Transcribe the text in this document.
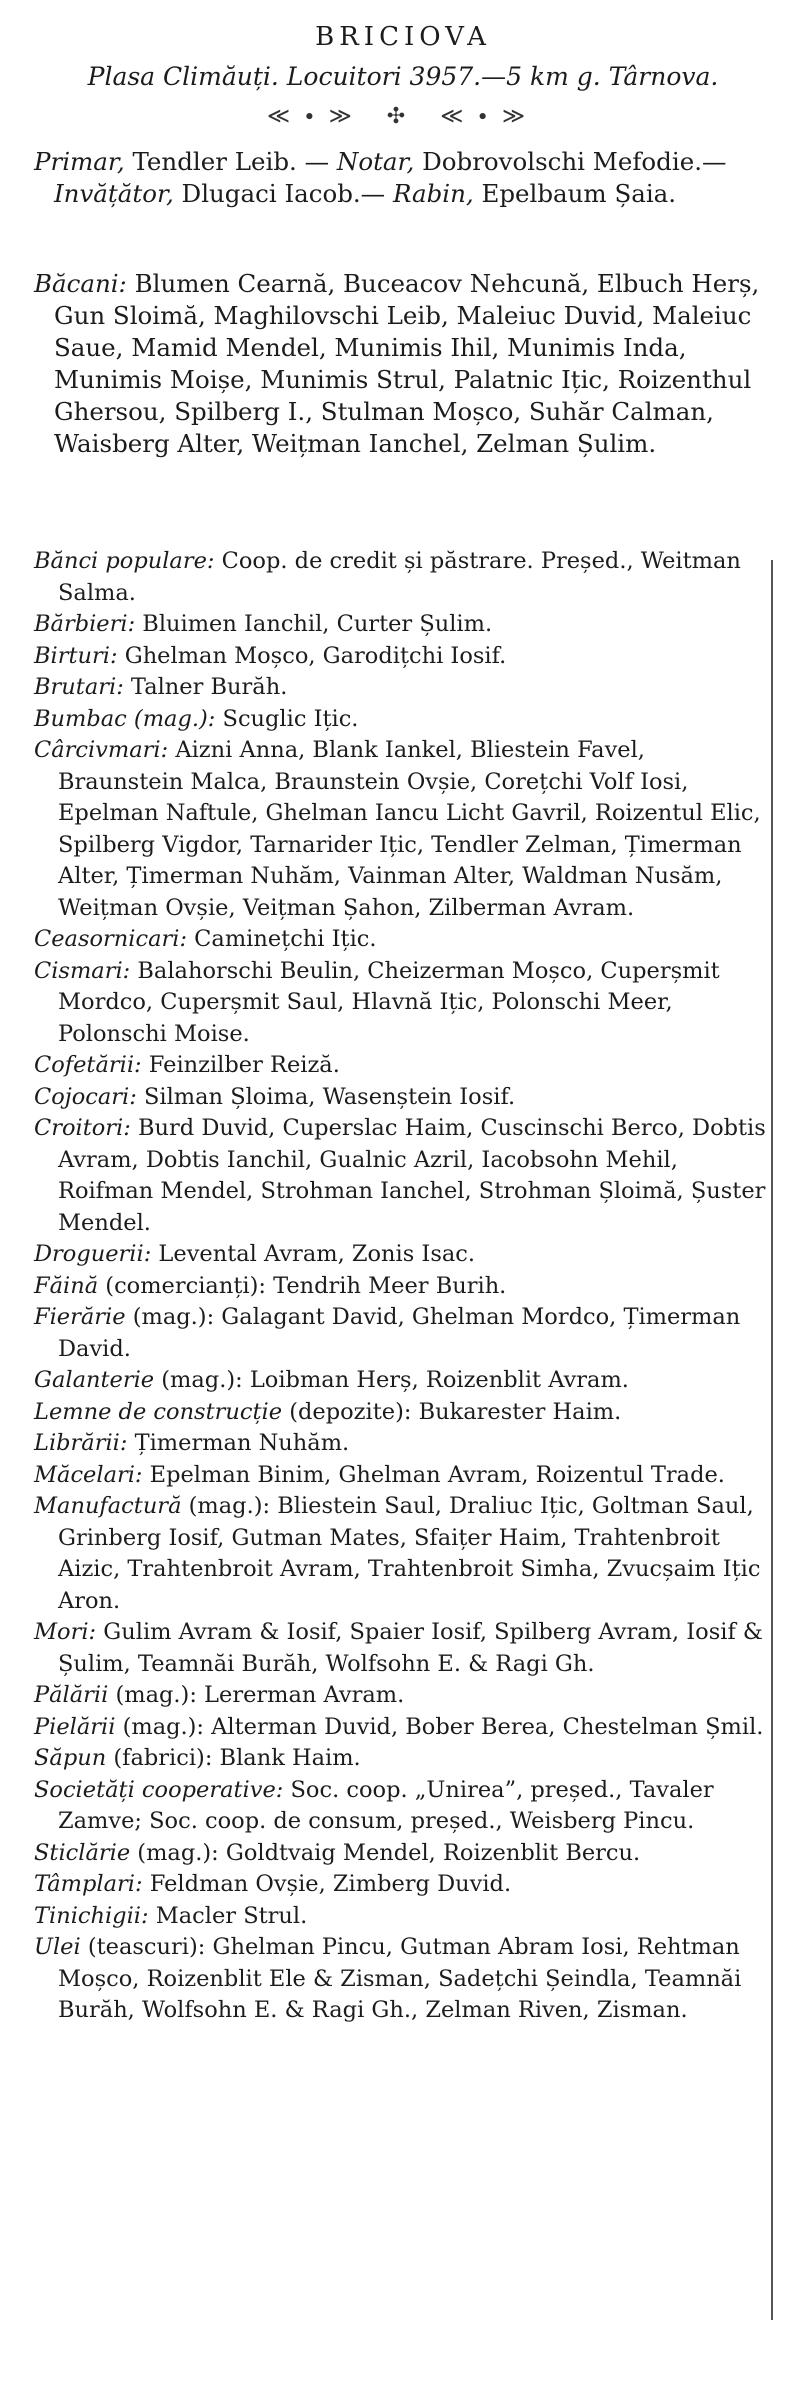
BRICIOVA
Plasa Climăuți. Locuitori 3957.—5 km g. Târnova.
≪∙≫ ✣ ≪∙≫

Primar, Tendler Leib. — Notar, Dobrovolschi Mefodie.—Invățător, Dlugaci Iacob.— Rabin, Epelbaum Șaia.

Băcani: Blumen Cearnă, Buceacov Nehcună, Elbuch Herș, Gun Sloimă, Maghilovschi Leib, Maleiuc Duvid, Maleiuc Saue, Mamid Mendel, Munimis Ihil, Munimis Inda, Munimis Moișe, Munimis Strul, Palatnic Ițic, Roizenthul Ghersou, Spilberg I., Stulman Moșco, Suhăr Calman, Waisberg Alter, Weițman Ianchel, Zelman Șulim.

Bănci populare: Coop. de credit și păstrare. Președ., Weitman Salma.

Bărbieri: Bluimen Ianchil, Curter Șulim.

Birturi: Ghelman Moșco, Garodițchi Iosif.

Brutari: Talner Burăh.

Bumbac (mag.): Scuglic Ițic.

Cârcivmari: Aizni Anna, Blank Iankel, Bliestein Favel, Braunstein Malca, Braunstein Ovșie, Corețchi Volf Iosi, Epelman Naftule, Ghelman Iancu Licht Gavril, Roizentul Elic, Spilberg Vigdor, Tarnarider Ițic, Tendler Zelman, Țimerman Alter, Țimerman Nuhăm, Vainman Alter, Waldman Nusăm, Weițman Ovșie, Veițman Șahon, Zilberman Avram.

Ceasornicari: Caminețchi Ițic.

Cismari: Balahorschi Beulin, Cheizerman Moșco, Cuperșmit Mordco, Cuperșmit Saul, Hlavnă Ițic, Polonschi Meer, Polonschi Moise.

Cofetării: Feinzilber Reiză.

Cojocari: Silman Șloima, Wasenștein Iosif.

Croitori: Burd Duvid, Cuperslac Haim, Cuscinschi Berco, Dobtis Avram, Dobtis Ianchil, Gualnic Azril, Iacobsohn Mehil, Roifman Mendel, Strohman Ianchel, Strohman Șloimă, Șuster Mendel.

Droguerii: Levental Avram, Zonis Isac.

Făină (comercianți): Tendrih Meer Burih.

Fierărie (mag.): Galagant David, Ghelman Mordco, Țimerman David.

Galanterie (mag.): Loibman Herș, Roizenblit Avram.

Lemne de construcție (depozite): Bukarester Haim.

Librării: Țimerman Nuhăm.

Măcelari: Epelman Binim, Ghelman Avram, Roizentul Trade.

Manufactură (mag.): Bliestein Saul, Draliuc Ițic, Goltman Saul, Grinberg Iosif, Gutman Mates, Sfaițer Haim, Trahtenbroit Aizic, Trahtenbroit Avram, Trahtenbroit Simha, Zvucșaim Ițic Aron.

Mori: Gulim Avram & Iosif, Spaier Iosif, Spilberg Avram, Iosif & Șulim, Teamnăi Burăh, Wolfsohn E. & Ragi Gh.

Pălării (mag.): Lererman Avram.

Pielării (mag.): Alterman Duvid, Bober Berea, Chestelman Șmil.

Săpun (fabrici): Blank Haim.

Societăți cooperative: Soc. coop. „Unirea”, președ., Tavaler Zamve; Soc. coop. de consum, președ., Weisberg Pincu.

Sticlărie (mag.): Goldtvaig Mendel, Roizenblit Bercu.

Tâmplari: Feldman Ovșie, Zimberg Duvid.

Tinichigii: Macler Strul.

Ulei (teascuri): Ghelman Pincu, Gutman Abram Iosi, Rehtman Moșco, Roizenblit Ele & Zisman, Sadețchi Șeindla, Teamnăi Burăh, Wolfsohn E. & Ragi Gh., Zelman Riven, Zisman.
